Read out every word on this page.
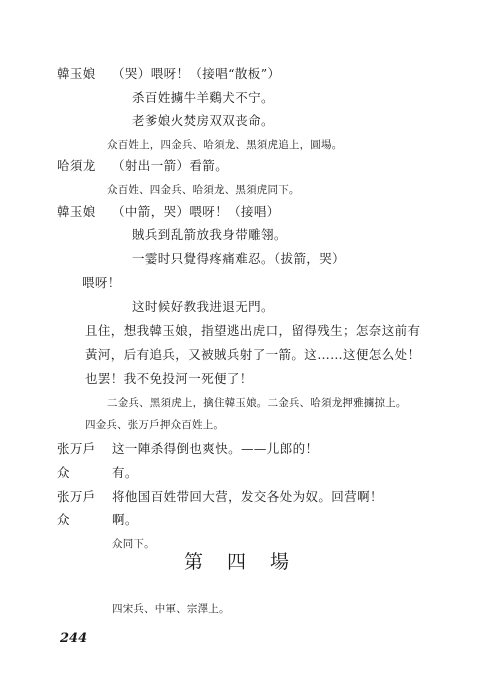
韓玉娘 （哭）喂呀！（接唱“散板”）
杀百姓擄牛羊鷄犬不宁。
老爹娘火焚房双双丧命。
众百姓上，四金兵、哈須龙、黑須虎追上，圓場。
哈須龙 （射出一箭）看箭。
众百姓、四金兵、哈須龙、黑須虎同下。
韓玉娘 （中箭，哭）喂呀！（接唱）
賊兵到乱箭放我身带雕翎。
一霎时只覺得疼痛难忍。（拔箭，哭）
喂呀！
这时候好教我进退无門。
且住，想我韓玉娘，指望逃出虎口，留得残生；怎奈这前有
黃河，后有追兵，又被賊兵射了一箭。这……这便怎么处！
也罢！我不免投河一死便了！
二金兵、黑須虎上，擒住韓玉娘。二金兵、哈須龙押雅擄掠上。
四金兵、张万戶押众百姓上。
张万戶 这一陣杀得倒也爽快。——儿郎的！
众	有。
张万戶 将他国百姓带回大营，发交各处为奴。回营啊！
众	啊。
众同下。
第 四 場
四宋兵、中軍、宗澤上。
244
